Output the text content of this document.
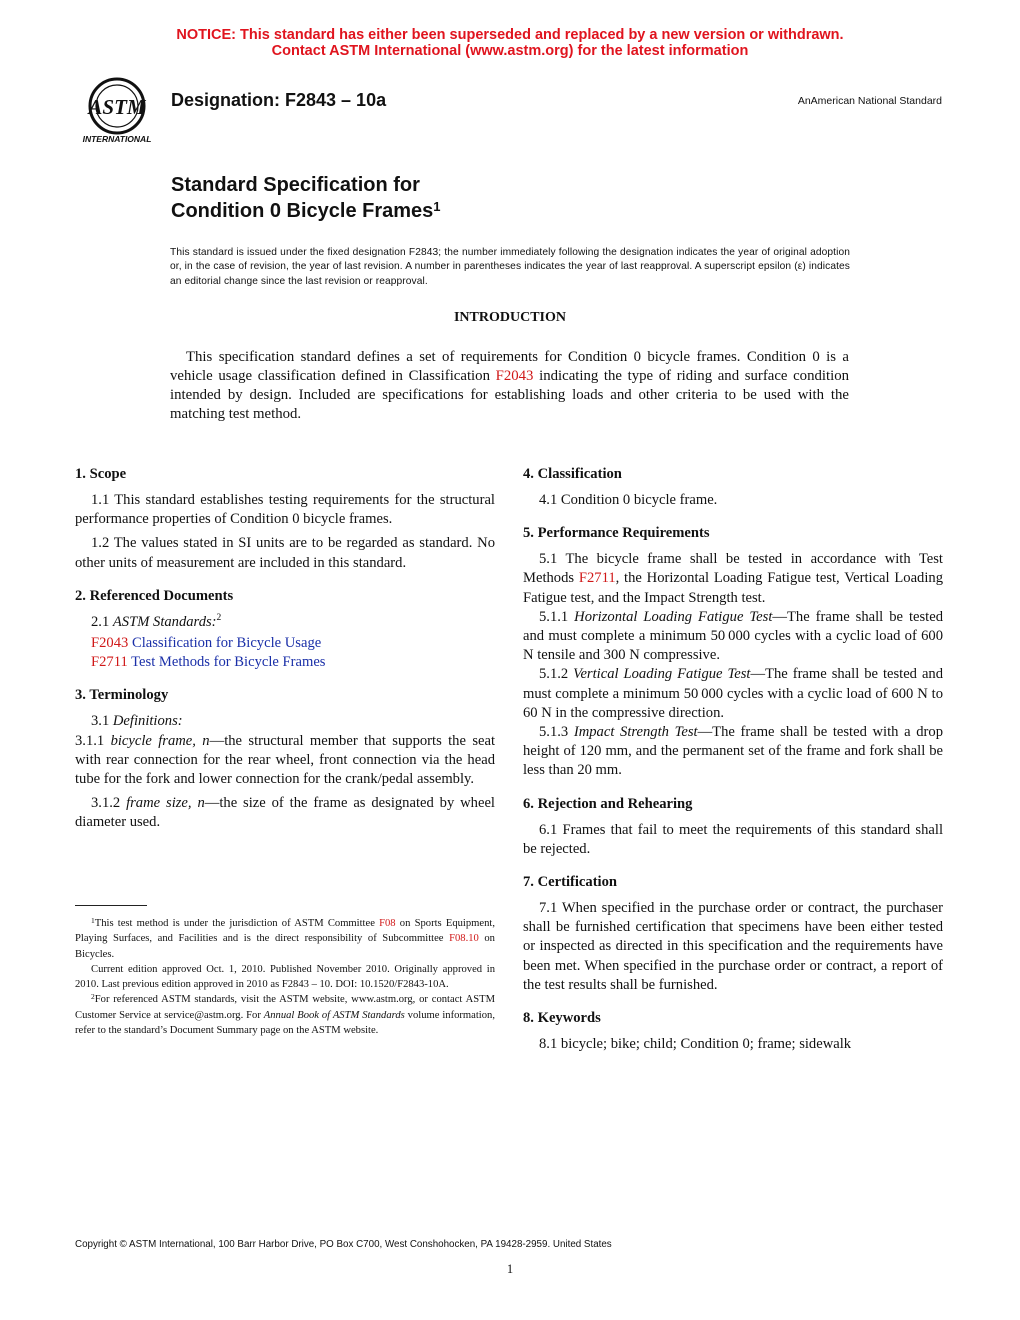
NOTICE: This standard has either been superseded and replaced by a new version or withdrawn.
Contact ASTM International (www.astm.org) for the latest information
ASTM
INTERNATIONAL
Designation: F2843 – 10a	AnAmerican National Standard
Standard Specification for
Condition 0 Bicycle Frames$^1$
This standard is issued under the fixed designation F2843; the number immediately following the designation indicates the year of original adoption or, in the case of revision, the year of last revision. A number in parentheses indicates the year of last reapproval. A superscript epsilon (ε) indicates an editorial change since the last revision or reapproval.
INTRODUCTION
This specification standard defines a set of requirements for Condition 0 bicycle frames. Condition 0 is a vehicle usage classification defined in Classification F2043 indicating the type of riding and surface condition intended by design. Included are specifications for establishing loads and other criteria to be used with the matching test method.
1. Scope

1.1 This standard establishes testing requirements for the structural performance properties of Condition 0 bicycle frames.

1.2 The values stated in SI units are to be regarded as standard. No other units of measurement are included in this standard.

2. Referenced Documents

2.1 ASTM Standards:$^2$

F2043 Classification for Bicycle Usage

F2711 Test Methods for Bicycle Frames

3. Terminology

3.1 Definitions:

3.1.1 bicycle frame, n—the structural member that supports the seat with rear connection for the rear wheel, front connection via the head tube for the fork and lower connection for the crank/pedal assembly.

3.1.2 frame size, n—the size of the frame as designated by wheel diameter used.

$^1$This test method is under the jurisdiction of ASTM Committee F08 on Sports Equipment, Playing Surfaces, and Facilities and is the direct responsibility of Subcommittee F08.10 on Bicycles.

Current edition approved Oct. 1, 2010. Published November 2010. Originally approved in 2010. Last previous edition approved in 2010 as F2843 – 10. DOI: 10.1520/F2843-10A.

$^2$For referenced ASTM standards, visit the ASTM website, www.astm.org, or contact ASTM Customer Service at service@astm.org. For Annual Book of ASTM Standards volume information, refer to the standard’s Document Summary page on the ASTM website.

4. Classification

4.1 Condition 0 bicycle frame.

5. Performance Requirements

5.1 The bicycle frame shall be tested in accordance with Test Methods F2711, the Horizontal Loading Fatigue test, Vertical Loading Fatigue test, and the Impact Strength test.

5.1.1 Horizontal Loading Fatigue Test—The frame shall be tested and must complete a minimum 50 000 cycles with a cyclic load of 600 N tensile and 300 N compressive.

5.1.2 Vertical Loading Fatigue Test—The frame shall be tested and must complete a minimum 50 000 cycles with a cyclic load of 600 N to 60 N in the compressive direction.

5.1.3 Impact Strength Test—The frame shall be tested with a drop height of 120 mm, and the permanent set of the frame and fork shall be less than 20 mm.

6. Rejection and Rehearing

6.1 Frames that fail to meet the requirements of this standard shall be rejected.

7. Certification

7.1 When specified in the purchase order or contract, the purchaser shall be furnished certification that specimens have been either tested or inspected as directed in this specification and the requirements have been met. When specified in the purchase order or contract, a report of the test results shall be furnished.

8. Keywords

8.1 bicycle; bike; child; Condition 0; frame; sidewalk

Copyright © ASTM International, 100 Barr Harbor Drive, PO Box C700, West Conshohocken, PA 19428-2959. United States
1
